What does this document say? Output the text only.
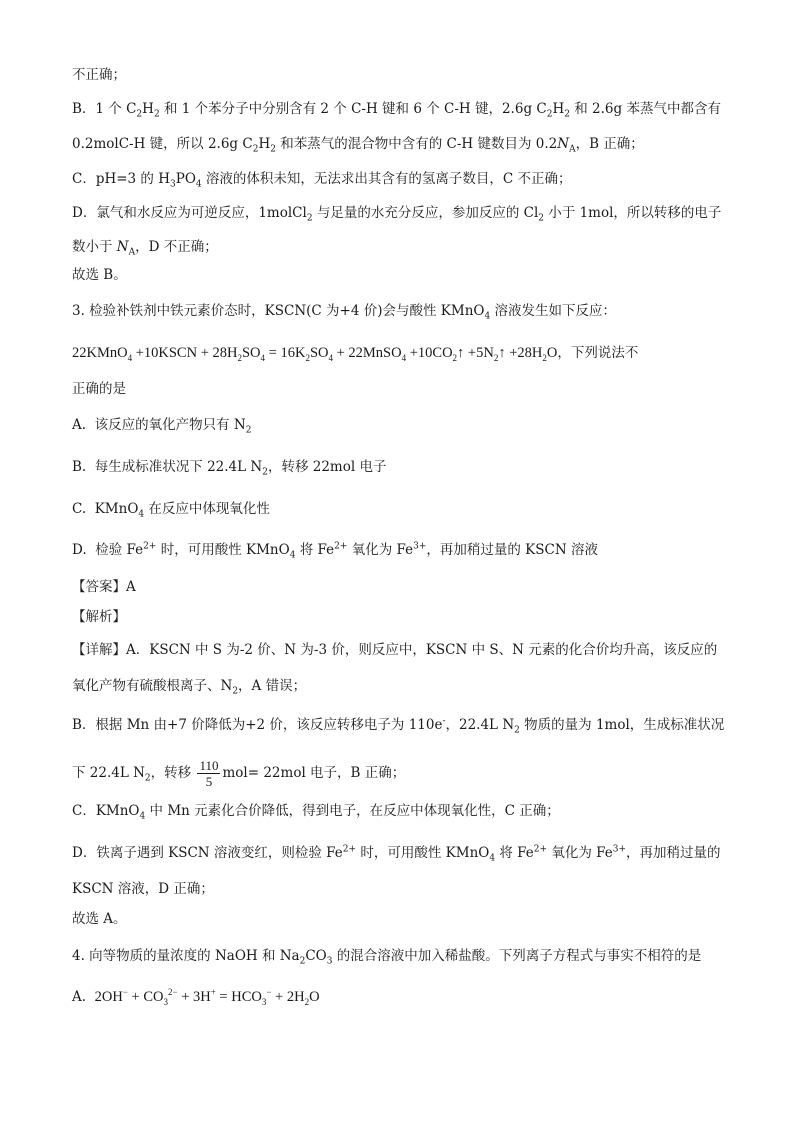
不正确；
B．1 个 $C_2H_2$ 和 1 个苯分子中分别含有 2 个 C-H 键和 6 个 C-H 键，2.6g $C_2H_2$ 和 2.6g 苯蒸气中都含有
0.2molC-H 键，所以 2.6g $C_2H_2$ 和苯蒸气的混合物中含有的 C-H 键数目为 $0.2N_A$，B 正确；
C．pH=3 的 $H_3PO_4$ 溶液的体积未知，无法求出其含有的氢离子数目，C 不正确；
D．氯气和水反应为可逆反应，1molCl$_2$ 与足量的水充分反应，参加反应的 $Cl_2$ 小于 1mol，所以转移的电子
数小于 $N_A$，D 不正确；
故选 B。
3. 检验补铁剂中铁元素价态时，KSCN(C 为+4 价)会与酸性 KMnO$_4$ 溶液发生如下反应：
22KMnO$_4$ +10KSCN + $28H_2SO_4 = 16K_2SO_4$ + 22MnSO$_4$ $+10CO_2↑$ $+5N_2↑ +28H_2O$，下列说法不
正确的是
A.  该反应的氧化产物只有 $N_2$
B.  每生成标准状况下 22.4L $N_2$，转移 22mol 电子
C.  KMnO$_4$ 在反应中体现氧化性
D.  检验 $Fe^{2+}$ 时，可用酸性 KMnO$_4$ 将 $Fe^{2+}$ 氧化为 $Fe^{3+}$，再加稍过量的 KSCN 溶液
【答案】A
【解析】
【详解】A．KSCN 中 S 为-2 价、N 为-3 价，则反应中，KSCN 中 S、N 元素的化合价均升高，该反应的
氧化产物有硫酸根离子、$N_2$，A 错误；
B．根据 Mn 由+7 价降低为+2 价，该反应转移电子为 110e-，22.4L $N_2$ 物质的量为 1mol，生成标准状况
下 22.4L $N_2$，转移 $\frac{110}{5} mol= 22mol$ 电子，B 正确；
C．KMnO$_4$ 中 Mn 元素化合价降低，得到电子，在反应中体现氧化性，C 正确；
D．铁离子遇到 KSCN 溶液变红，则检验 $Fe^{2+}$ 时，可用酸性 KMnO$_4$ 将 $Fe^{2+}$ 氧化为 $Fe^{3+}$，再加稍过量的
KSCN 溶液，D 正确；
故选 A。
4. 向等物质的量浓度的 NaOH 和 $Na_2CO_3$ 的混合溶液中加入稀盐酸。下列离子方程式与事实不相符的是
A.  $2OH^- + CO_3^{2-} + 3H^+ = HCO_3^- + 2H_2O$
